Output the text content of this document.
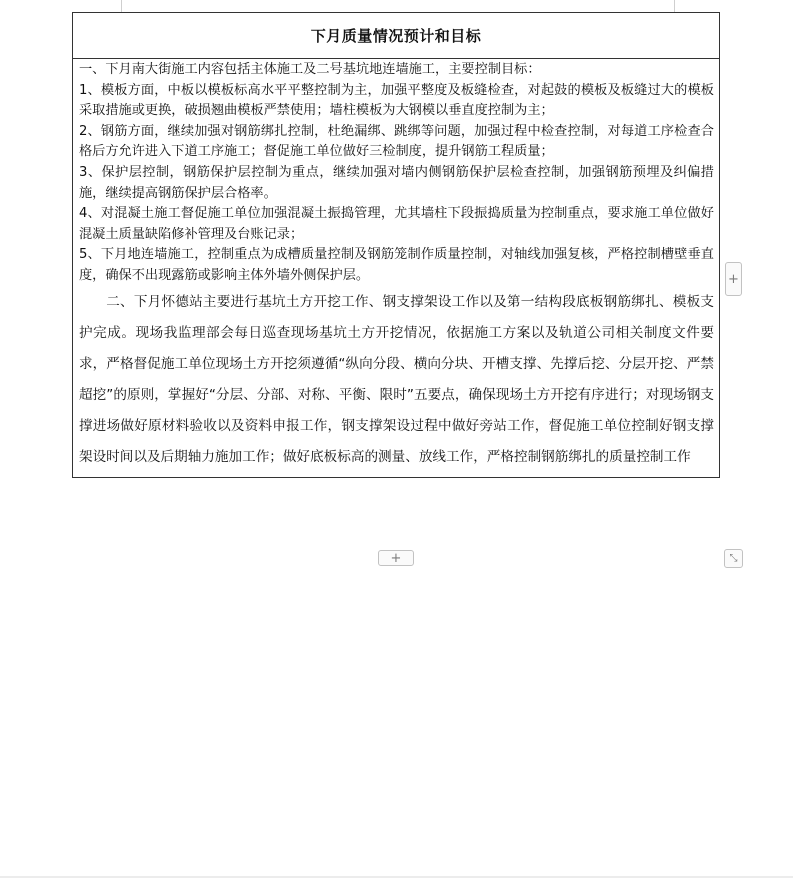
下月质量情况预计和目标

一、下月南大街施工内容包括主体施工及二号基坑地连墙施工，主要控制目标：

1、模板方面，中板以模板标高水平平整控制为主，加强平整度及板缝检查，对起鼓的模板及板缝过大的模板采取措施或更换，破损翘曲模板严禁使用；墙柱模板为大钢模以垂直度控制为主；

2、钢筋方面，继续加强对钢筋绑扎控制，杜绝漏绑、跳绑等问题，加强过程中检查控制，对每道工序检查合格后方允许进入下道工序施工；督促施工单位做好三检制度，提升钢筋工程质量；

3、保护层控制，钢筋保护层控制为重点，继续加强对墙内侧钢筋保护层检查控制，加强钢筋预埋及纠偏措施，继续提高钢筋保护层合格率。

4、对混凝土施工督促施工单位加强混凝土振捣管理，尤其墙柱下段振捣质量为控制重点，要求施工单位做好混凝土质量缺陷修补管理及台账记录；

5、下月地连墙施工，控制重点为成槽质量控制及钢筋笼制作质量控制，对轴线加强复核，严格控制槽壁垂直度，确保不出现露筋或影响主体外墙外侧保护层。

二、下月怀德站主要进行基坑土方开挖工作、钢支撑架设工作以及第一结构段底板钢筋绑扎、模板支护完成。现场我监理部会每日巡查现场基坑土方开挖情况，依据施工方案以及轨道公司相关制度文件要求，严格督促施工单位现场土方开挖须遵循“纵向分段、横向分块、开槽支撑、先撑后挖、分层开挖、严禁超挖”的原则，掌握好“分层、分部、对称、平衡、限时”五要点，确保现场土方开挖有序进行；对现场钢支撑进场做好原材料验收以及资料申报工作，钢支撑架设过程中做好旁站工作，督促施工单位控制好钢支撑架设时间以及后期轴力施加工作；做好底板标高的测量、放线工作，严格控制钢筋绑扎的质量控制工作

+
+
⤡
